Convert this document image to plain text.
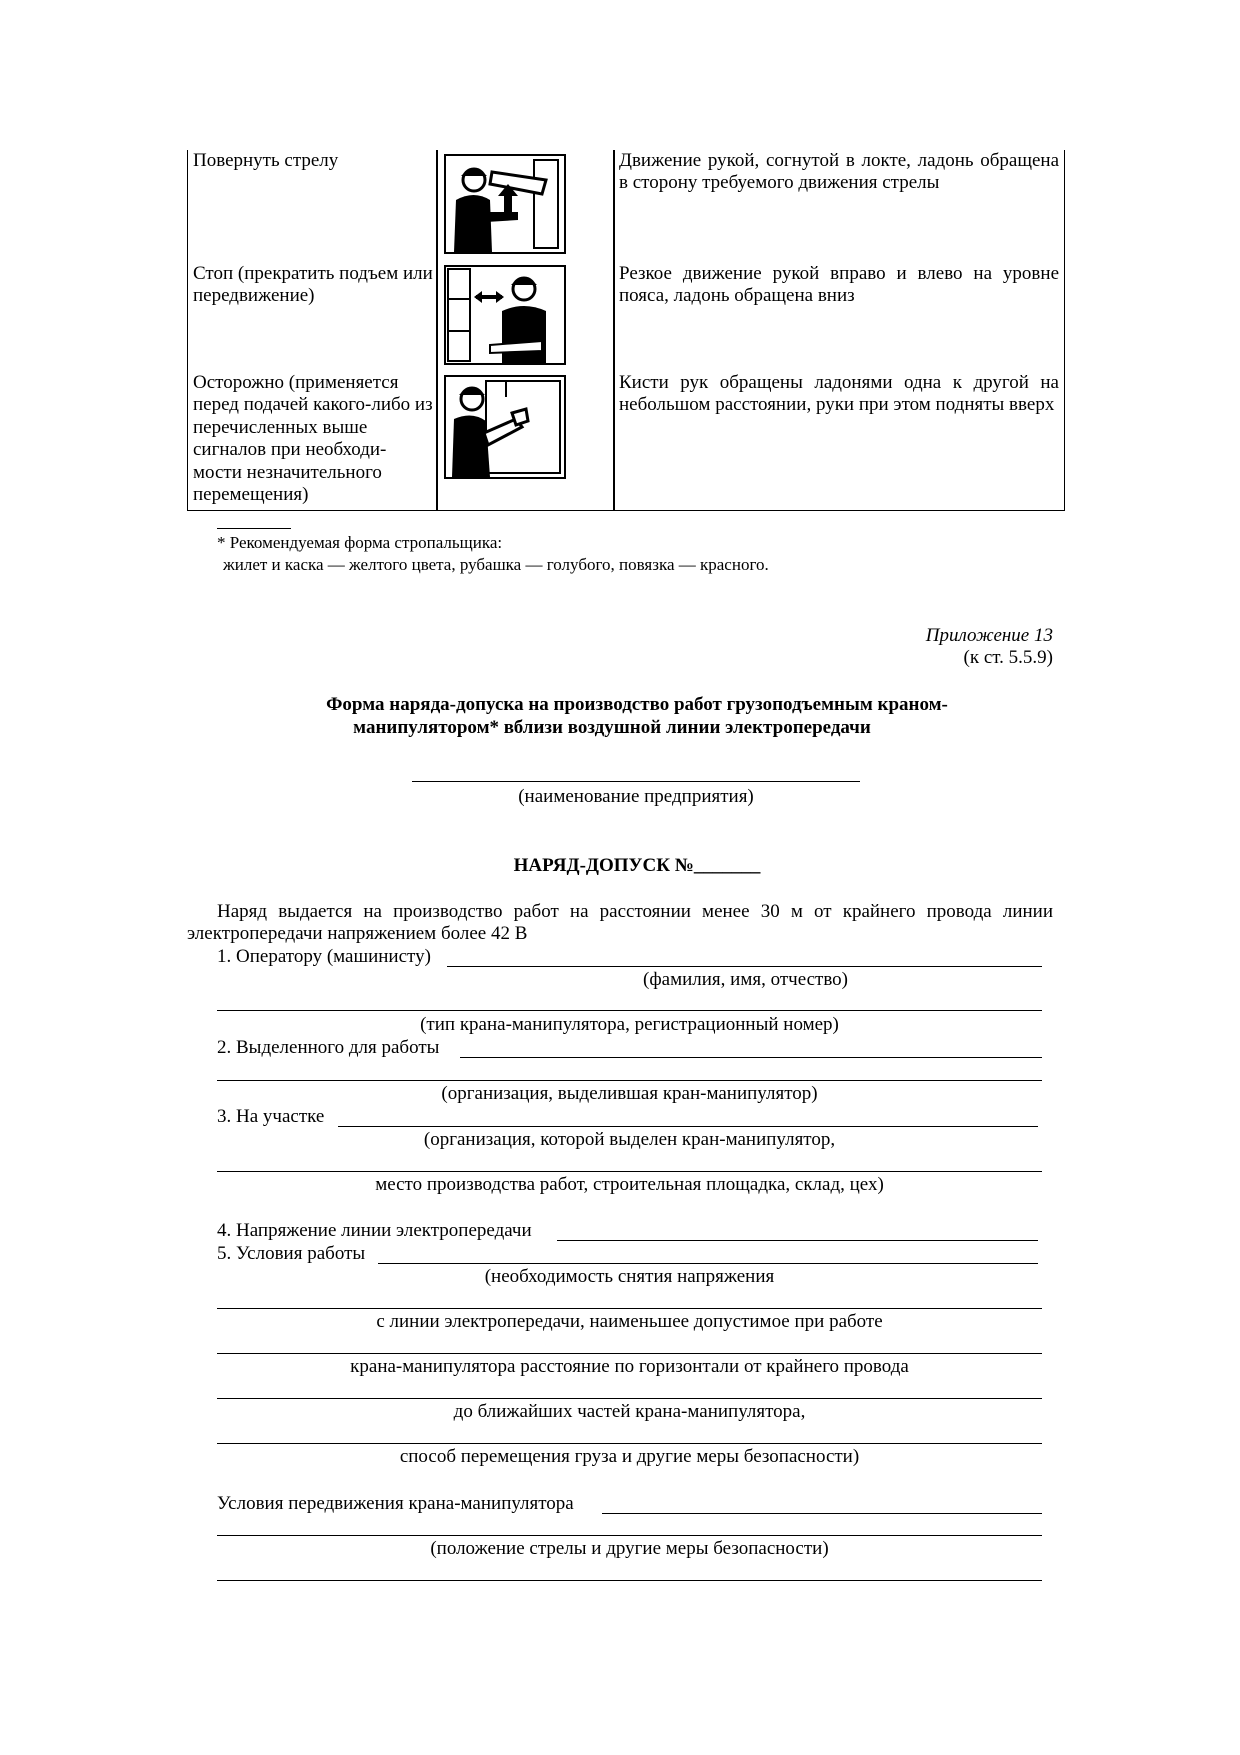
Повернуть стрелу	Движение рукой, согнутой в локте, ладонь обращена в сторону требуемого движения стрелы
Стоп (прекратить подъем или передвижение)
Резкое движение рукой вправо и влево на уровне пояса, ладонь обращена вниз
Осторожно (применяется перед подачей какого-либо из перечисленных выше сигналов при необходи-мости незначительного перемещения)
Кисти рук обращены ладонями одна к другой на небольшом расстоянии, руки при этом подняты вверх
* Рекомендуемая форма стропальщика:
жилет и каска — желтого цвета, рубашка — голубого, повязка — красного.
Приложение 13
(к ст. 5.5.9)
Форма наряда-допуска на производство работ грузоподъемным краном-
манипулятором* вблизи воздушной линии электропередачи
(наименование предприятия)
НАРЯД-ДОПУСК №_______
Наряд выдается на производство работ на расстоянии менее 30 м от крайнего провода линии электропередачи напряжением более 42 В
1. Оператору (машинисту)
(фамилия, имя, отчество)
(тип крана-манипулятора, регистрационный номер)
2. Выделенного для работы
(организация, выделившая кран-манипулятор)
3. На участке
(организация, которой выделен кран-манипулятор,
место производства работ, строительная площадка, склад, цех)
4. Напряжение линии электропередачи
5. Условия работы
(необходимость снятия напряжения
с линии электропередачи, наименьшее допустимое при работе
крана-манипулятора расстояние по горизонтали от крайнего провода
до ближайших частей крана-манипулятора,
способ перемещения груза и другие меры безопасности)
Условия передвижения крана-манипулятора
(положение стрелы и другие меры безопасности)
